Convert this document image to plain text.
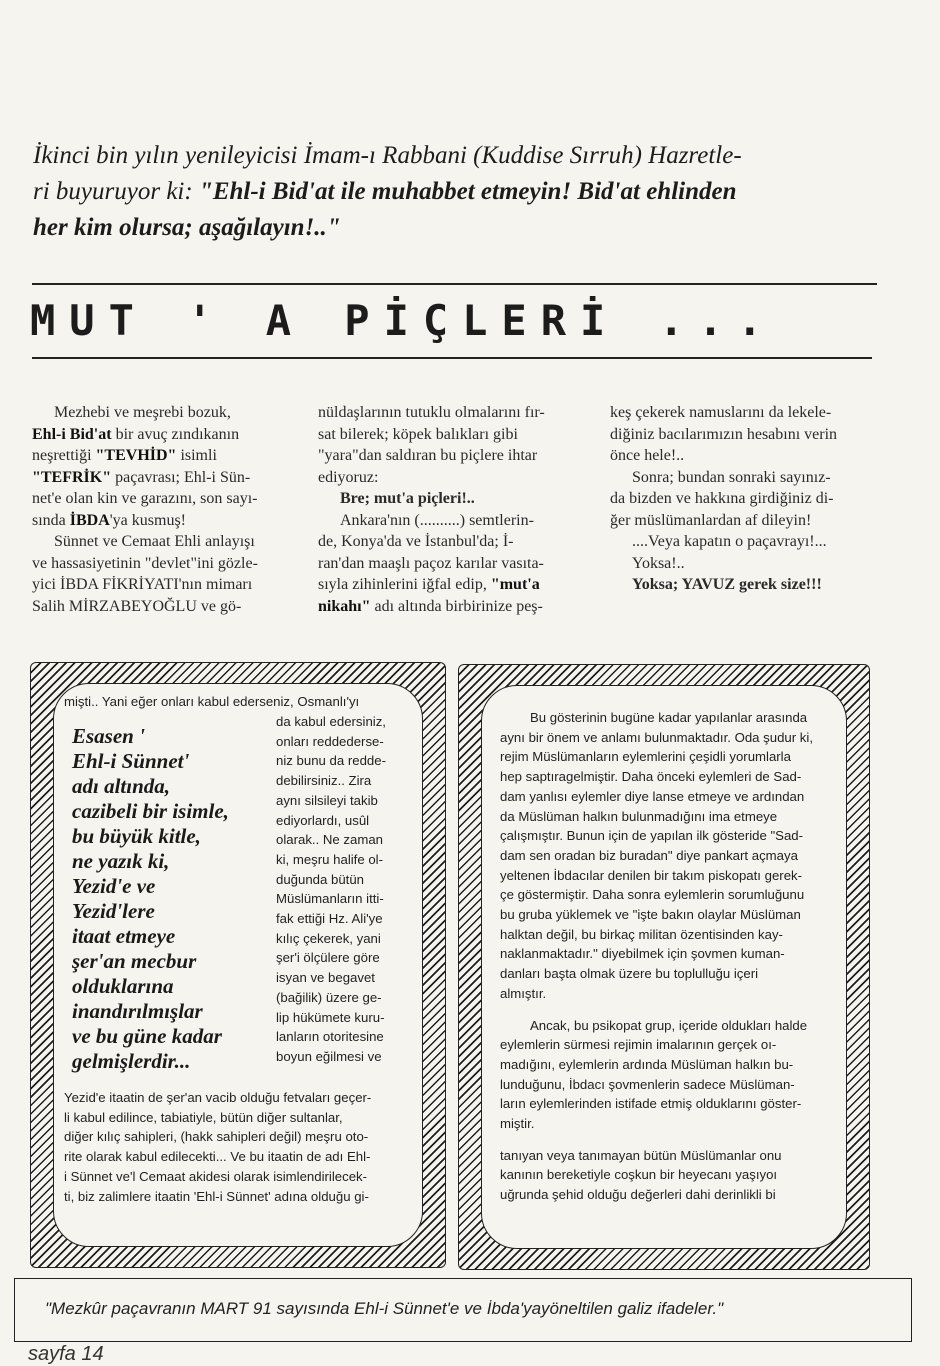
İkinci bin yılın yenileyicisi İmam-ı Rabbani (Kuddise Sırruh) Hazretle-
ri buyuruyor ki: "Ehl-i Bid'at ile muhabbet etmeyin! Bid'at ehlinden
her kim olursa; aşağılayın!.."
MUT ' A PİÇLERİ ...
Mezhebi ve meşrebi bozuk,
Ehl-i Bid'at bir avuç zındıkanın
neşrettiği "TEVHİD" isimli
"TEFRİK" paçavrası; Ehl-i Sün-
net'e olan kin ve garazını, son sayı-
sında İBDA'ya kusmuş!
Sünnet ve Cemaat Ehli anlayışı
ve hassasiyetinin "devlet"ini gözle-
yici İBDA FİKRİYATI'nın mimarı
Salih MİRZABEYOĞLU ve gö-
nüldaşlarının tutuklu olmalarını fır-
sat bilerek; köpek balıkları gibi
"yara"dan saldıran bu piçlere ihtar
ediyoruz:
Bre; mut'a piçleri!..
Ankara'nın (..........) semtlerin-
de, Konya'da ve İstanbul'da; İ-
ran'dan maaşlı paçoz karılar vasıta-
sıyla zihinlerini iğfal edip, "mut'a
nikahı" adı altında birbirinize peş-
keş çekerek namuslarını da lekele-
diğiniz bacılarımızın hesabını verin
önce hele!..
Sonra; bundan sonraki sayınız-
da bizden ve hakkına girdiğiniz di-
ğer müslümanlardan af dileyin!
....Veya kapatın o paçavrayı!...
Yoksa!..
Yoksa; YAVUZ gerek size!!!
mişti.. Yani eğer onları kabul ederseniz, Osmanlı'yı
Esasen '
Ehl-i Sünnet'
adı altında,
cazibeli bir isimle,
bu büyük kitle,
ne yazık ki,
Yezid'e ve
Yezid'lere
itaat etmeye
şer'an mecbur
olduklarına
inandırılmışlar
ve bu güne kadar
gelmişlerdir...
da kabul edersiniz,
onları reddederse-
niz bunu da redde-
debilirsiniz.. Zira
aynı silsileyi takib
ediyorlardı, usûl
olarak.. Ne zaman
ki, meşru halife ol-
duğunda bütün
Müslümanların itti-
fak ettiği Hz. Ali'ye
kılıç çekerek, yani
şer'i ölçülere göre
isyan ve begavet
(bağilik) üzere ge-
lip hükümete kuru-
lanların otoritesine
boyun eğilmesi ve
Yezid'e itaatin de şer'an vacib olduğu fetvaları geçer-
li kabul edilince, tabiatiyle, bütün diğer sultanlar,
diğer kılıç sahipleri, (hakk sahipleri değil) meşru oto-
rite olarak kabul edilecekti... Ve bu itaatin de adı Ehl-
i Sünnet ve'l Cemaat akidesi olarak isimlendirilecek-
ti, biz zalimlere itaatin 'Ehl-i Sünnet' adına olduğu gi-
Bu gösterinin bugüne kadar yapılanlar arasında
aynı bir önem ve anlamı bulunmaktadır. Oda şudur ki,
rejim Müslümanların eylemlerini çeşidli yorumlarla
hep saptıragelmiştir. Daha önceki eylemleri de Sad-
dam yanlısı eylemler diye lanse etmeye ve ardından
da Müslüman halkın bulunmadığını ima etmeye
çalışmıştır. Bunun için de yapılan ilk gösteride "Sad-
dam sen oradan biz buradan" diye pankart açmaya
yeltenen İbdacılar denilen bir takım piskopatı gerek-
çe göstermiştir. Daha sonra eylemlerin sorumluğunu
bu gruba yüklemek ve "işte bakın olaylar Müslüman
halktan değil, bu birkaç militan özentisinden kay-
naklanmaktadır." diyebilmek için şovmen kuman-
danları başta olmak üzere bu toplulluğu içeri
almıştır.
Ancak, bu psikopat grup, içeride oldukları halde
eylemlerin sürmesi rejimin imalarının gerçek oı-
madığını, eylemlerin ardında Müslüman halkın bu-
lunduğunu, İbdacı şovmenlerin sadece Müslüman-
ların eylemlerinden istifade etmiş olduklarını göster-
miştir.
tanıyan veya tanımayan bütün Müslümanlar onu
kanının bereketiyle coşkun bir heyecanı yaşıyoı
uğrunda şehid olduğu değerleri dahi derinlikli bi
"Mezkûr paçavranın MART 91 sayısında Ehl-i Sünnet'e ve İbda'yayöneltilen galiz ifadeler."
sayfa 14
